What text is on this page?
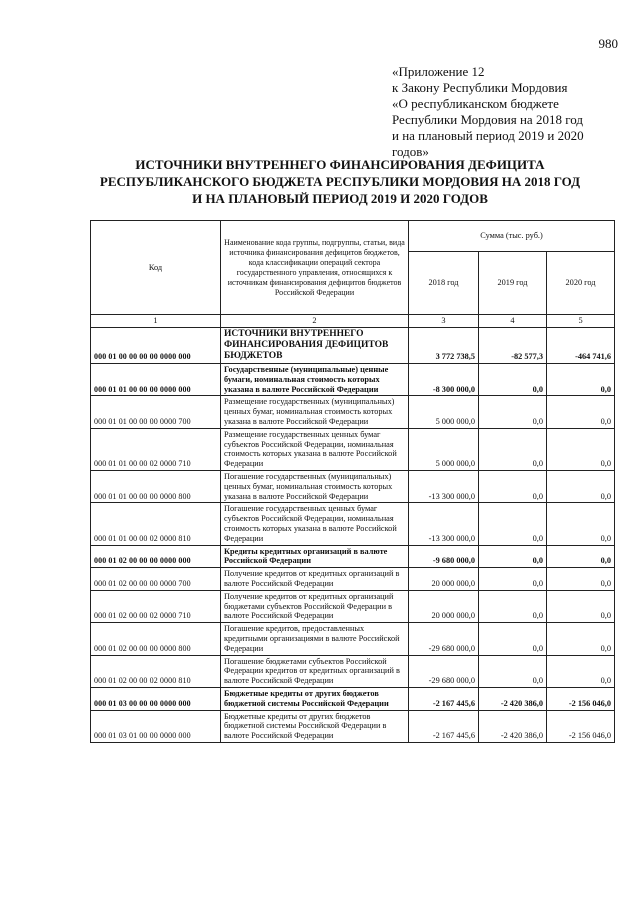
980
«Приложение 12
к Закону Республики Мордовия
«О республиканском бюджете
Республики Мордовия на 2018 год
и на плановый период 2019 и 2020
годов»
ИСТОЧНИКИ ВНУТРЕННЕГО ФИНАНСИРОВАНИЯ ДЕФИЦИТА
РЕСПУБЛИКАНСКОГО БЮДЖЕТА РЕСПУБЛИКИ МОРДОВИЯ НА 2018 ГОД
И НА ПЛАНОВЫЙ ПЕРИОД 2019 И 2020 ГОДОВ
Код	Наименование кода группы, подгруппы, статьи, вида источника финансирования дефицитов бюджетов, кода классификации операций сектора государственного управления, относящихся к источникам финансирования дефицитов бюджетов Российской Федерации	Сумма (тыс. руб.)		
		2018 год	2019 год	2020 год
1	2	3	4	5
000 01 00 00 00 00 0000 000	ИСТОЧНИКИ ВНУТРЕННЕГО ФИНАНСИРОВАНИЯ ДЕФИЦИТОВ БЮДЖЕТОВ	3 772 738,5	-82 577,3	-464 741,6
000 01 01 00 00 00 0000 000	Государственные (муниципальные) ценные бумаги, номинальная стоимость которых указана в валюте Российской Федерации	-8 300 000,0	0,0	0,0
000 01 01 00 00 00 0000 700	Размещение государственных (муниципальных) ценных бумаг, номинальная стоимость которых указана в валюте Российской Федерации	5 000 000,0	0,0	0,0
000 01 01 00 00 02 0000 710	Размещение государственных ценных бумаг субъектов Российской Федерации, номинальная стоимость которых указана в валюте Российской Федерации	5 000 000,0	0,0	0,0
000 01 01 00 00 00 0000 800	Погашение государственных (муниципальных) ценных бумаг, номинальная стоимость которых указана в валюте Российской Федерации	-13 300 000,0	0,0	0,0
000 01 01 00 00 02 0000 810	Погашение государственных ценных бумаг субъектов Российской Федерации, номинальная стоимость которых указана в валюте Российской Федерации	-13 300 000,0	0,0	0,0
000 01 02 00 00 00 0000 000	Кредиты кредитных организаций в валюте Российской Федерации	-9 680 000,0	0,0	0,0
000 01 02 00 00 00 0000 700	Получение кредитов от кредитных организаций в валюте Российской Федерации	20 000 000,0	0,0	0,0
000 01 02 00 00 02 0000 710	Получение кредитов от кредитных организаций бюджетами субъектов Российской Федерации в валюте Российской Федерации	20 000 000,0	0,0	0,0
000 01 02 00 00 00 0000 800	Погашение кредитов, предоставленных кредитными организациями в валюте Российской Федерации	-29 680 000,0	0,0	0,0
000 01 02 00 00 02 0000 810	Погашение бюджетами субъектов Российской Федерации кредитов от кредитных организаций в валюте Российской Федерации	-29 680 000,0	0,0	0,0
000 01 03 00 00 00 0000 000	Бюджетные кредиты от других бюджетов бюджетной системы Российской Федерации	-2 167 445,6	-2 420 386,0	-2 156 046,0
000 01 03 01 00 00 0000 000	Бюджетные кредиты от других бюджетов бюджетной системы Российской Федерации в валюте Российской Федерации	-2 167 445,6	-2 420 386,0	-2 156 046,0
